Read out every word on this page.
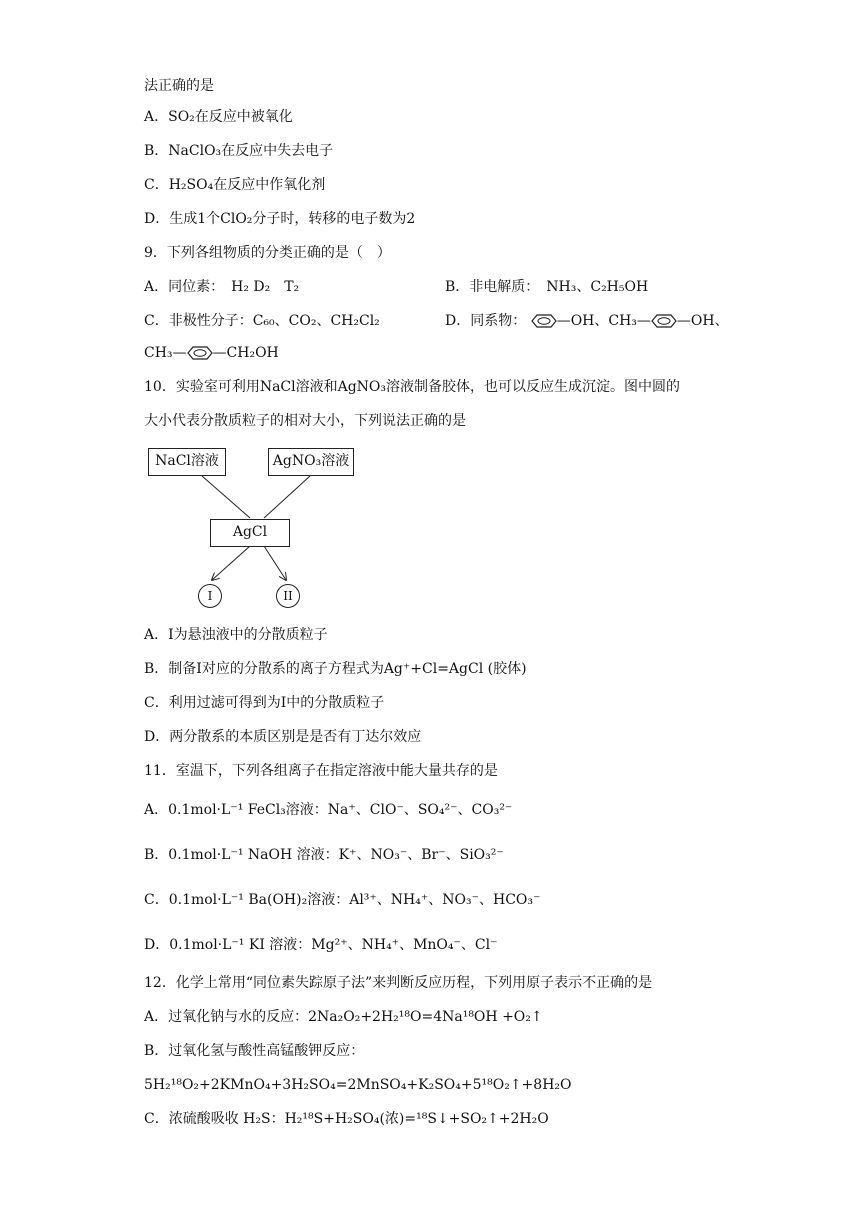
法正确的是
A．SO₂在反应中被氧化
B．NaClO₃在反应中失去电子
C．H₂SO₄在反应中作氧化剂
D．生成1个ClO₂分子时，转移的电子数为2
9．下列各组物质的分类正确的是（　）
A．同位素：　H₂ D₂　T₂	B．非电解质：　NH₃、C₂H₅OH
C．非极性分子：C₆₀、CO₂、CH₂Cl₂	D．同系物： —OH、CH₃— —OH、
CH₃— —CH₂OH
10．实验室可利用NaCl溶液和AgNO₃溶液制备胶体，也可以反应生成沉淀。图中圆的
大小代表分散质粒子的相对大小，下列说法正确的是
NaCl溶液	AgNO₃溶液
AgCl
I	II
A．I为悬浊液中的分散质粒子
B．制备I对应的分散系的离子方程式为Ag⁺+Cl=AgCl (胶体)
C．利用过滤可得到为I中的分散质粒子
D．两分散系的本质区别是是否有丁达尔效应
11．室温下，下列各组离子在指定溶液中能大量共存的是
A．0.1mol·L⁻¹ FeCl₃溶液：Na⁺、ClO⁻、SO₄²⁻、CO₃²⁻
B．0.1mol·L⁻¹ NaOH 溶液：K⁺、NO₃⁻、Br⁻、SiO₃²⁻
C．0.1mol·L⁻¹ Ba(OH)₂溶液：Al³⁺、NH₄⁺、NO₃⁻、HCO₃⁻
D．0.1mol·L⁻¹ KI 溶液：Mg²⁺、NH₄⁺、MnO₄⁻、Cl⁻
12．化学上常用“同位素失踪原子法”来判断反应历程，下列用原子表示不正确的是
A．过氧化钠与水的反应：2Na₂O₂+2H₂¹⁸O=4Na¹⁸OH +O₂↑
B．过氧化氢与酸性高锰酸钾反应：
5H₂¹⁸O₂+2KMnO₄+3H₂SO₄=2MnSO₄+K₂SO₄+5¹⁸O₂↑+8H₂O
C．浓硫酸吸收 H₂S：H₂¹⁸S+H₂SO₄(浓)=¹⁸S↓+SO₂↑+2H₂O
